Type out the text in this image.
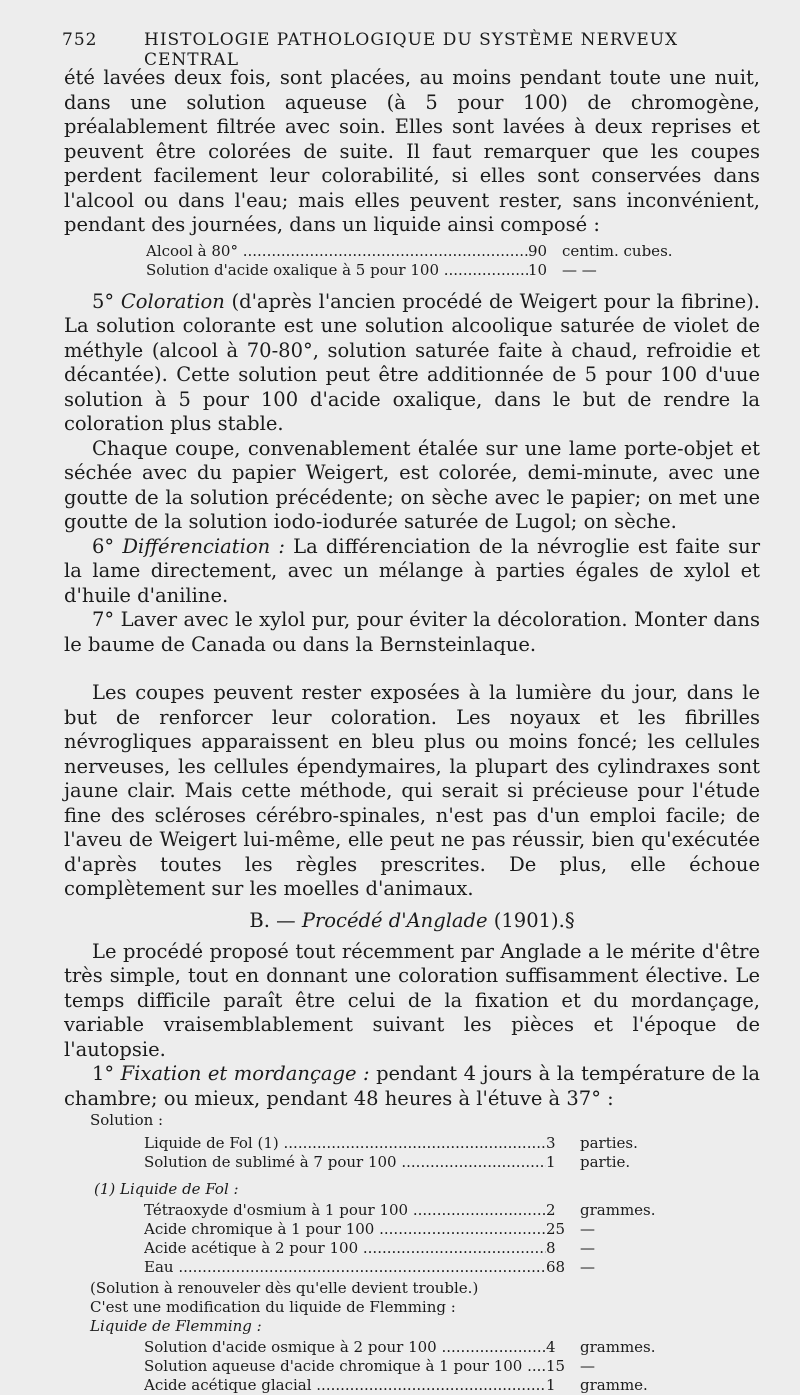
752	HISTOLOGIE PATHOLOGIQUE DU SYSTÈME NERVEUX CENTRAL

été lavées deux fois, sont placées, au moins pendant toute une nuit, dans une solution aqueuse (à 5 pour 100) de chromogène, préalablement filtrée avec soin. Elles sont lavées à deux reprises et peuvent être colorées de suite. Il faut remarquer que les coupes perdent facilement leur colorabilité, si elles sont conservées dans l'alcool ou dans l'eau; mais elles peuvent rester, sans inconvénient, pendant des journées, dans un liquide ainsi composé :

Alcool à 80° .....	90 centim. cubes.
Solution d'acide oxalique à 5 pour 100 .....	10 — —

5° Coloration (d'après l'ancien procédé de Weigert pour la fibrine). La solution colorante est une solution alcoolique saturée de violet de méthyle (alcool à 70-80°, solution saturée faite à chaud, refroidie et décantée). Cette solution peut être additionnée de 5 pour 100 d'uue solution à 5 pour 100 d'acide oxalique, dans le but de rendre la coloration plus stable.

Chaque coupe, convenablement étalée sur une lame porte-objet et séchée avec du papier Weigert, est colorée, demi-minute, avec une goutte de la solution précédente; on sèche avec le papier; on met une goutte de la solution iodo-iodurée saturée de Lugol; on sèche.

6° Différenciation : La différenciation de la névroglie est faite sur la lame directement, avec un mélange à parties égales de xylol et d'huile d'aniline.

7° Laver avec le xylol pur, pour éviter la décoloration. Monter dans le baume de Canada ou dans la Bernsteinlaque.

Les coupes peuvent rester exposées à la lumière du jour, dans le but de renforcer leur coloration. Les noyaux et les fibrilles névrogliques apparaissent en bleu plus ou moins foncé; les cellules nerveuses, les cellules épendymaires, la plupart des cylindraxes sont jaune clair. Mais cette méthode, qui serait si précieuse pour l'étude fine des scléroses cérébro-spinales, n'est pas d'un emploi facile; de l'aveu de Weigert lui-même, elle peut ne pas réussir, bien qu'exécutée d'après toutes les règles prescrites. De plus, elle échoue complètement sur les moelles d'animaux.

B. — Procédé d'Anglade (1901).§

Le procédé proposé tout récemment par Anglade a le mérite d'être très simple, tout en donnant une coloration suffisamment élective. Le temps difficile paraît être celui de la fixation et du mordançage, variable vraisemblablement suivant les pièces et l'époque de l'autopsie.

1° Fixation et mordançage : pendant 4 jours à la température de la chambre; ou mieux, pendant 48 heures à l'étuve à 37° :

Solution :
Liquide de Fol (1) .....	3	parties.
Solution de sublimé à 7 pour 100 .....	1	partie.
(1) Liquide de Fol :
Tétraoxyde d'osmium à 1 pour 100 .....	2	grammes.
Acide chromique à 1 pour 100 .....	25 —
Acide acétique à 2 pour 100 .....	8	—
Eau .....	68 —
(Solution à renouveler dès qu'elle devient trouble.)
C'est une modification du liquide de Flemming :
Liquide de Flemming :
Solution d'acide osmique à 2 pour 100 .....	4	grammes.
Solution aqueuse d'acide chromique à 1 pour 100 .....	15 —
Acide acétique glacial .....	1	gramme.
